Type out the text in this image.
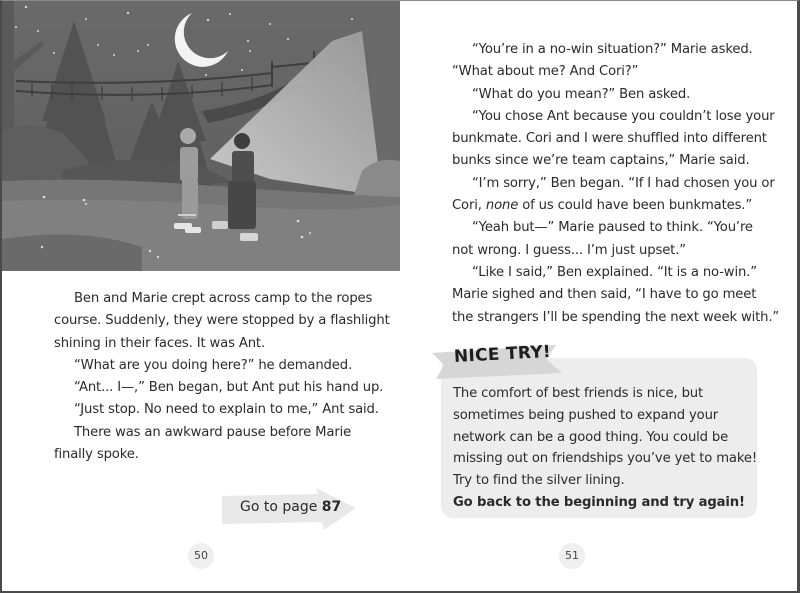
Ben and Marie crept across camp to the ropes

course. Suddenly, they were stopped by a flashlight

shining in their faces. It was Ant.

“What are you doing here?” he demanded.

“Ant... I—,” Ben began, but Ant put his hand up.

“Just stop. No need to explain to me,” Ant said.

There was an awkward pause before Marie

finally spoke.

Go to page 87
50

“You’re in a no-win situation?” Marie asked.

“What about me? And Cori?”

“What do you mean?” Ben asked.

“You chose Ant because you couldn’t lose your

bunkmate. Cori and I were shuffled into different

bunks since we’re team captains,” Marie said.

“I’m sorry,” Ben began. “If I had chosen you or

Cori, none of us could have been bunkmates.”

“Yeah but—” Marie paused to think. “You’re

not wrong. I guess... I’m just upset.”

“Like I said,” Ben explained. “It is a no-win.”

Marie sighed and then said, “I have to go meet

the strangers I’ll be spending the next week with.”

NICE TRY!
The comfort of best friends is nice, but
sometimes being pushed to expand your
network can be a good thing. You could be
missing out on friendships you’ve yet to make!
Try to find the silver lining.
Go back to the beginning and try again!
51
